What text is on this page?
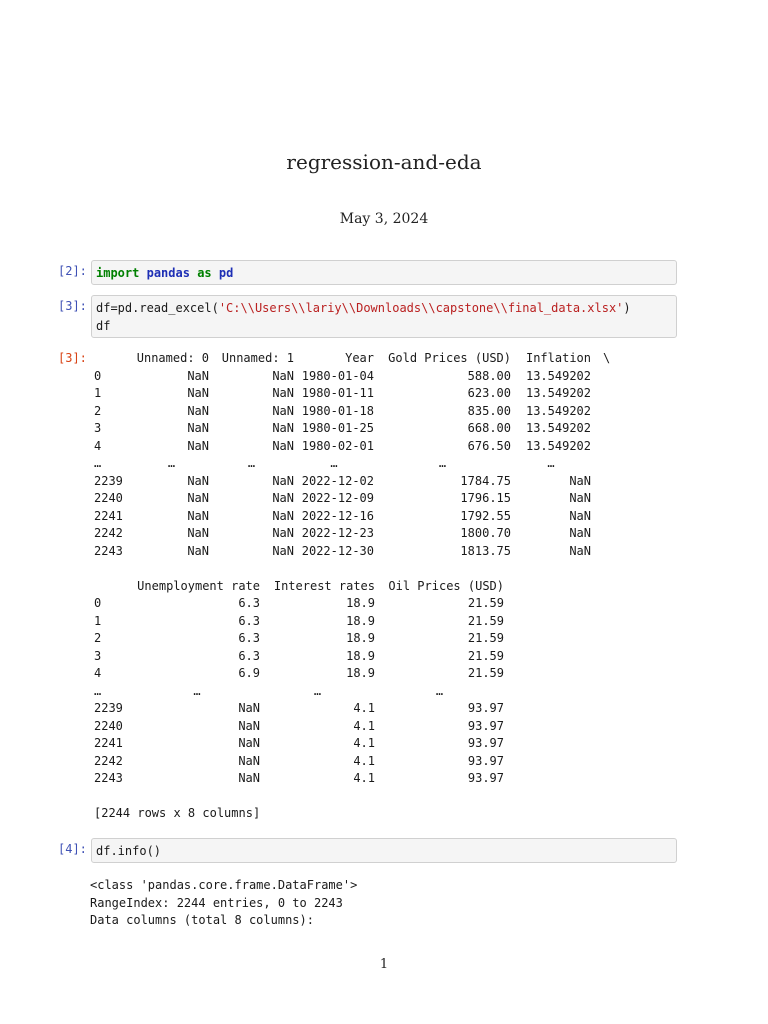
regression-and-eda
May 3, 2024
[2]: import pandas as pd
[3]: df=pd.read_excel('C:\\Users\\lariy\\Downloads\\capstone\\final_data.xlsx')
df
[3]:
		Unnamed: 0	Unnamed: 1	Year	Gold Prices (USD)	Inflation	\
0	NaN	NaN	1980-01-04	588.00	13.549202	
1	NaN	NaN	1980-01-11	623.00	13.549202	
2	NaN	NaN	1980-01-18	835.00	13.549202	
3	NaN	NaN	1980-01-25	668.00	13.549202	
4	NaN	NaN	1980-02-01	676.50	13.549202	
…	…	…	…	…	…	
2239	NaN	NaN	2022-12-02	1784.75	NaN	
2240	NaN	NaN	2022-12-09	1796.15	NaN	
2241	NaN	NaN	2022-12-16	1792.55	NaN	
2242	NaN	NaN	2022-12-23	1800.70	NaN	
2243	NaN	NaN	2022-12-30	1813.75	NaN	
	Unemployment rate	Interest rates	Oil Prices (USD)
0	6.3	18.9	21.59
1	6.3	18.9	21.59
2	6.3	18.9	21.59
3	6.3	18.9	21.59
4	6.9	18.9	21.59
…	…	…	…
2239	NaN	4.1	93.97
2240	NaN	4.1	93.97
2241	NaN	4.1	93.97
2242	NaN	4.1	93.97
2243	NaN	4.1	93.97
[2244 rows x 8 columns]
[4]: df.info()
<class 'pandas.core.frame.DataFrame'>
RangeIndex: 2244 entries, 0 to 2243
Data columns (total 8 columns):
1
